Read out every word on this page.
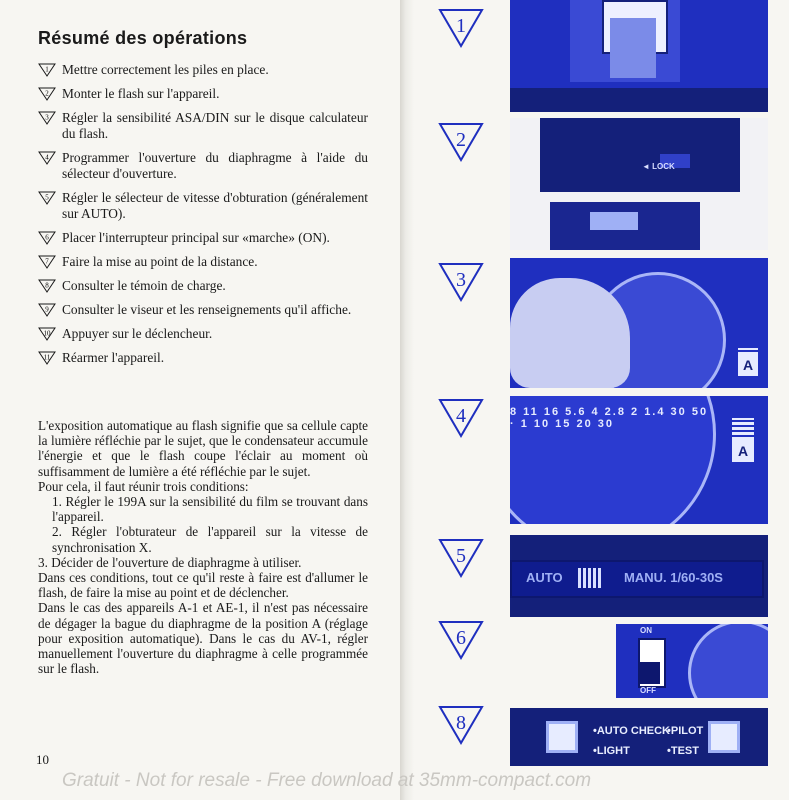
Résumé des opérations
1 Mettre correctement les piles en place.
2 Monter le flash sur l'appareil.
3 Régler la sensibilité ASA/DIN sur le disque calculateur du flash.
4 Programmer l'ouverture du diaphragme à l'aide du sélecteur d'ouverture.
5 Régler le sélecteur de vitesse d'obturation (généralement sur AUTO).
6 Placer l'interrupteur principal sur «marche» (ON).
7 Faire la mise au point de la distance.
8 Consulter le témoin de charge.
9 Consulter le viseur et les renseignements qu'il affiche.
10 Appuyer sur le déclencheur.
11 Réarmer l'appareil.

L'exposition automatique au flash signifie que sa cellule capte la lumière réfléchie par le sujet, que le condensateur accumule l'énergie et que le flash coupe l'éclair au moment où suffisamment de lumière a été réfléchie par le sujet.

Pour cela, il faut réunir trois conditions:

1. Régler le 199A sur la sensibilité du film se trouvant dans l'appareil.

2. Régler l'obturateur de l'appareil sur la vitesse de synchronisation X.

3. Décider de l'ouverture de diaphragme à utiliser.

Dans ces conditions, tout ce qu'il reste à faire est d'allumer le flash, de faire la mise au point et de déclencher.

Dans le cas des appareils A-1 et AE-1, il n'est pas nécessaire de dégager la bague du diaphragme de la position A (réglage pour exposition automatique). Dans le cas du AV-1, régler manuellement l'ouverture du diaphragme à celle programmée sur le flash.

10
1
2
3
4
5
6
8
◄ LOCK
A
8 11 16 5.6 4 2.8 2 1.4 30 50 · 1 10 15 20 30
A
AUTO	MANU. 1/60-30S
ON
OFF
•AUTO CHECK
•PILOT
•LIGHT	•TEST
Gratuit - Not for resale - Free download at 35mm-compact.com
